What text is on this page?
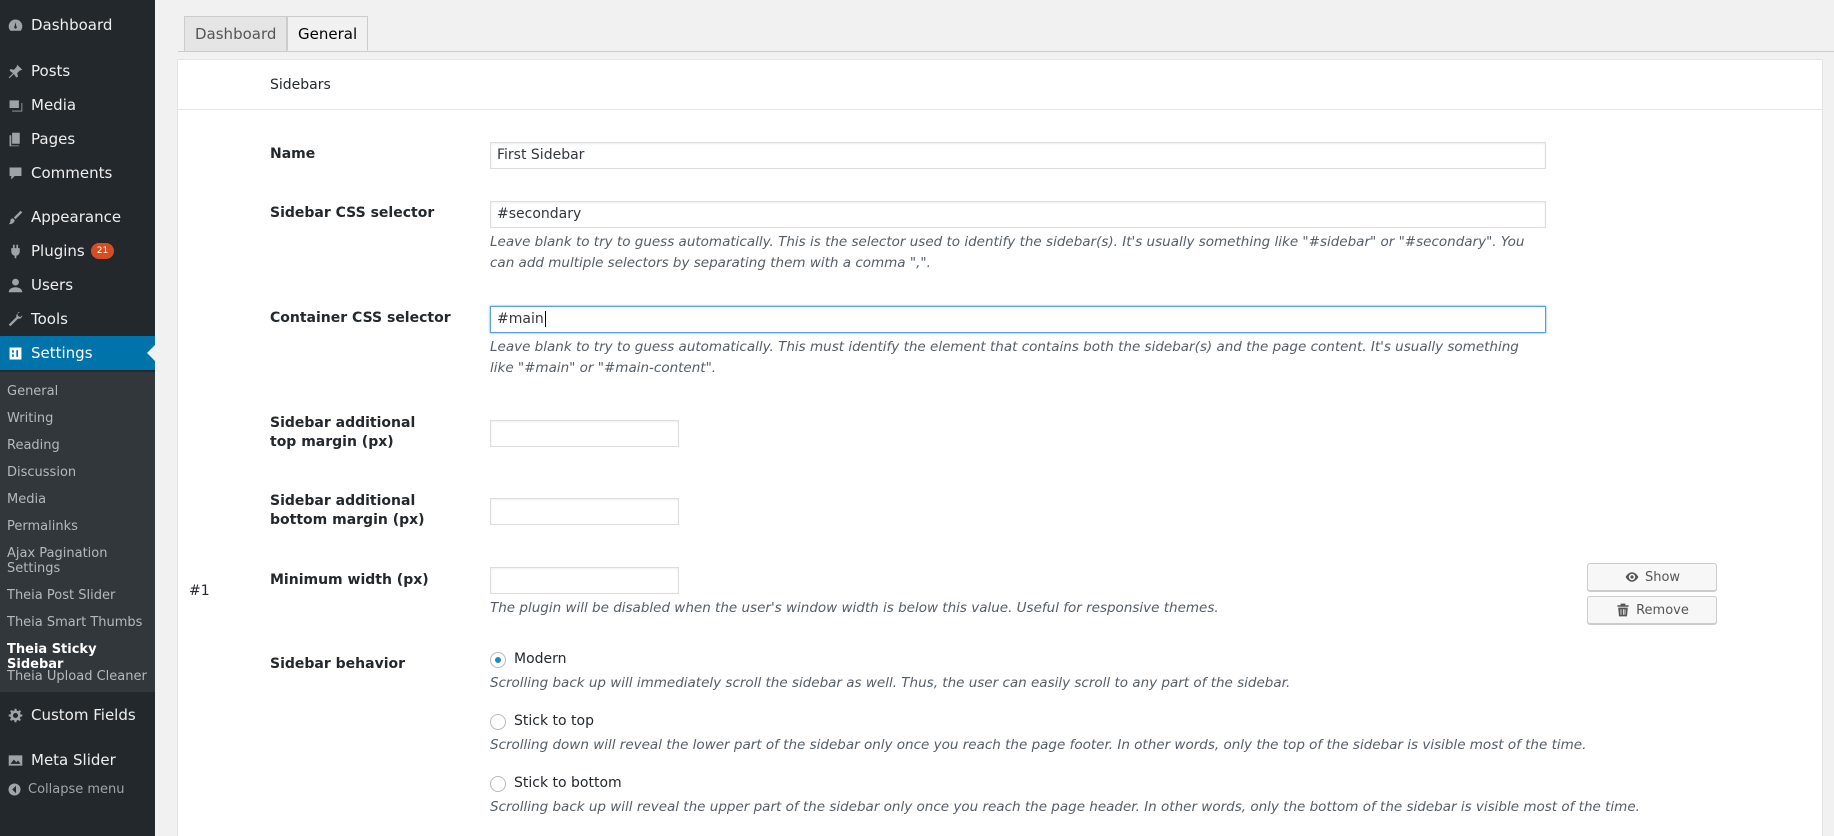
Dashboard
Posts
Media
Pages
Comments
Appearance
Plugins	21
Users
Tools
Settings
General
Writing
Reading
Discussion
Media
Permalinks
Ajax Pagination Settings
Theia Post Slider
Theia Smart Thumbs
Theia Sticky Sidebar
Theia Upload Cleaner
Custom Fields
Meta Slider
Collapse menu
Dashboard	General
Sidebars
#1
Name	First Sidebar
Sidebar CSS selector	#secondary
Leave blank to try to guess automatically. This is the selector used to identify the sidebar(s). It's usually something like "#sidebar" or "#secondary". You can add multiple selectors by separating them with a comma ",".
Container CSS selector	#main
Leave blank to try to guess automatically. This must identify the element that contains both the sidebar(s) and the page content. It's usually something like "#main" or "#main-content".
Sidebar additional top margin (px)
Sidebar additional bottom margin (px)
Minimum width (px)
The plugin will be disabled when the user's window width is below this value. Useful for responsive themes.
Show
Remove
Sidebar behavior	Modern
Scrolling back up will immediately scroll the sidebar as well. Thus, the user can easily scroll to any part of the sidebar.
Stick to top
Scrolling down will reveal the lower part of the sidebar only once you reach the page footer. In other words, only the top of the sidebar is visible most of the time.
Stick to bottom
Scrolling back up will reveal the upper part of the sidebar only once you reach the page header. In other words, only the bottom of the sidebar is visible most of the time.
